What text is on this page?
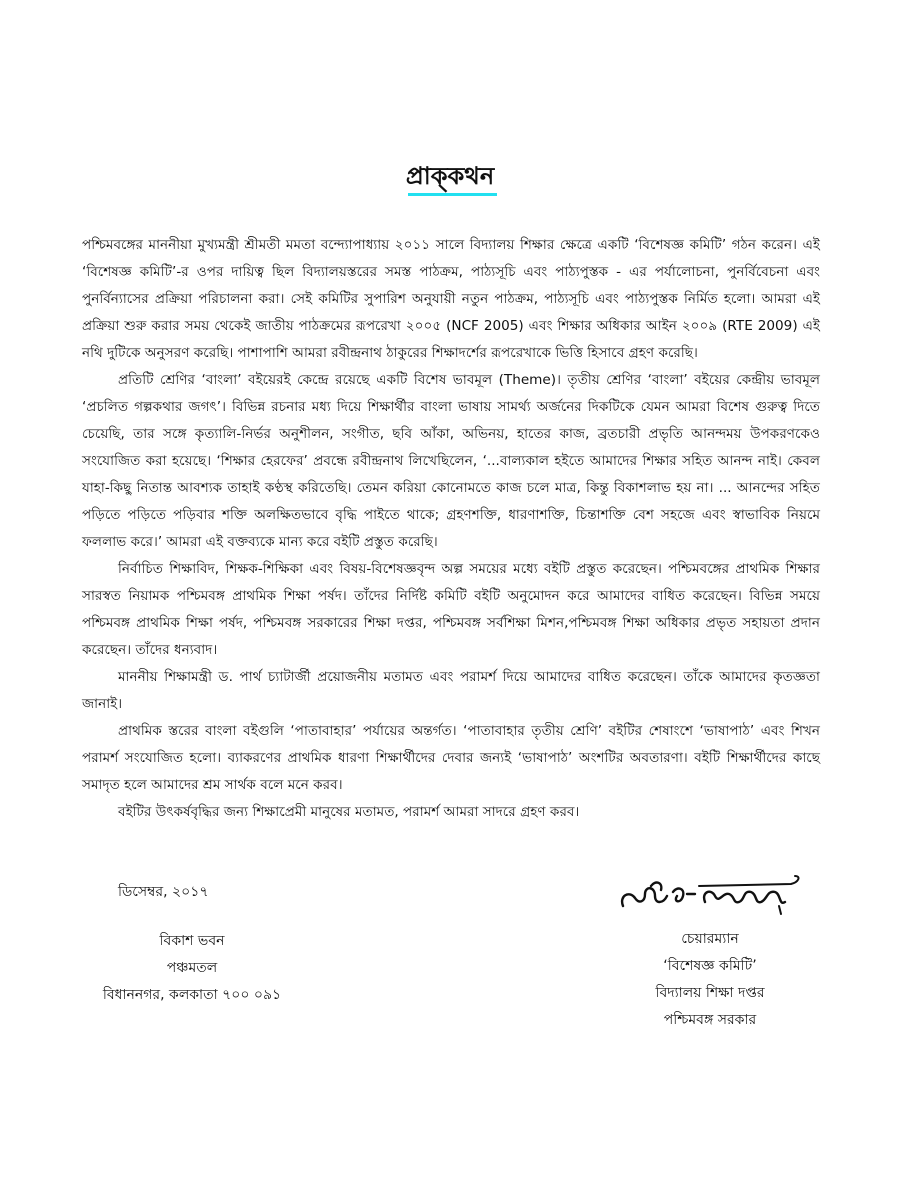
প্রাক্‌কথন

পশ্চিমবঙ্গের মাননীয়া মুখ্যমন্ত্রী শ্রীমতী মমতা বন্দ্যোপাধ্যায় ২০১১ সালে বিদ্যালয় শিক্ষার ক্ষেত্রে একটি ‘বিশেষজ্ঞ কমিটি’ গঠন করেন। এই ‘বিশেষজ্ঞ কমিটি’-র ওপর দায়িত্ব ছিল বিদ্যালয়স্তরের সমস্ত পাঠক্রম, পাঠ্যসূচি এবং পাঠ্যপুস্তক - এর পর্যালোচনা, পুনর্বিবেচনা এবং পুনর্বিন্যাসের প্রক্রিয়া পরিচালনা করা। সেই কমিটির সুপারিশ অনুযায়ী নতুন পাঠক্রম, পাঠ্যসূচি এবং পাঠ্যপুস্তক নির্মিত হলো। আমরা এই প্রক্রিয়া শুরু করার সময় থেকেই জাতীয় পাঠক্রমের রূপরেখা ২০০৫ (NCF 2005) এবং শিক্ষার অধিকার আইন ২০০৯ (RTE 2009) এই নথি দুটিকে অনুসরণ করেছি। পাশাপাশি আমরা রবীন্দ্রনাথ ঠাকুরের শিক্ষাদর্শের রূপরেখাকে ভিত্তি হিসাবে গ্রহণ করেছি।

প্রতিটি শ্রেণির ‘বাংলা’ বইয়েরই কেন্দ্রে রয়েছে একটি বিশেষ ভাবমূল (Theme)। তৃতীয় শ্রেণির ‘বাংলা’ বইয়ের কেন্দ্রীয় ভাবমূল ‘প্রচলিত গল্পকথার জগৎ’। বিভিন্ন রচনার মধ্য দিয়ে শিক্ষার্থীর বাংলা ভাষায় সামর্থ্য অর্জনের দিকটিকে যেমন আমরা বিশেষ গুরুত্ব দিতে চেয়েছি, তার সঙ্গে কৃত্যালি-নির্ভর অনুশীলন, সংগীত, ছবি আঁকা, অভিনয়, হাতের কাজ, ব্রতচারী প্রভৃতি আনন্দময় উপকরণকেও সংযোজিত করা হয়েছে। ‘শিক্ষার হেরফের’ প্রবন্ধে রবীন্দ্রনাথ লিখেছিলেন, ‘...বাল্যকাল হইতে আমাদের শিক্ষার সহিত আনন্দ নাই। কেবল যাহা-কিছু নিতান্ত আবশ্যক তাহাই কণ্ঠস্থ করিতেছি। তেমন করিয়া কোনোমতে কাজ চলে মাত্র, কিন্তু বিকাশলাভ হয় না। ... আনন্দের সহিত পড়িতে পড়িতে পড়িবার শক্তি অলক্ষিতভাবে বৃদ্ধি পাইতে থাকে; গ্রহণশক্তি, ধারণাশক্তি, চিন্তাশক্তি বেশ সহজে এবং স্বাভাবিক নিয়মে ফললাভ করে।’ আমরা এই বক্তব্যকে মান্য করে বইটি প্রস্তুত করেছি।

নির্বাচিত শিক্ষাবিদ, শিক্ষক-শিক্ষিকা এবং বিষয়-বিশেষজ্ঞবৃন্দ অল্প সময়ের মধ্যে বইটি প্রস্তুত করেছেন। পশ্চিমবঙ্গের প্রাথমিক শিক্ষার সারস্বত নিয়ামক পশ্চিমবঙ্গ প্রাথমিক শিক্ষা পর্ষদ। তাঁদের নির্দিষ্ট কমিটি বইটি অনুমোদন করে আমাদের বাধিত করেছেন। বিভিন্ন সময়ে পশ্চিমবঙ্গ প্রাথমিক শিক্ষা পর্ষদ, পশ্চিমবঙ্গ সরকারের শিক্ষা দপ্তর, পশ্চিমবঙ্গ সর্বশিক্ষা মিশন,পশ্চিমবঙ্গ শিক্ষা অধিকার প্রভৃত সহায়তা প্রদান করেছেন। তাঁদের ধন্যবাদ।

মাননীয় শিক্ষামন্ত্রী ড. পার্থ চ্যাটার্জী প্রয়োজনীয় মতামত এবং পরামর্শ দিয়ে আমাদের বাধিত করেছেন। তাঁকে আমাদের কৃতজ্ঞতা জানাই।

প্রাথমিক স্তরের বাংলা বইগুলি ‘পাতাবাহার’ পর্যায়ের অন্তর্গত। ‘পাতাবাহার তৃতীয় শ্রেণি’ বইটির শেষাংশে ‘ভাষাপাঠ’ এবং শিখন পরামর্শ সংযোজিত হলো। ব্যাকরণের প্রাথমিক ধারণা শিক্ষার্থীদের দেবার জন্যই ‘ভাষাপাঠ’ অংশটির অবতারণা। বইটি শিক্ষার্থীদের কাছে সমাদৃত হলে আমাদের শ্রম সার্থক বলে মনে করব।

বইটির উৎকর্ষবৃদ্ধির জন্য শিক্ষাপ্রেমী মানুষের মতামত, পরামর্শ আমরা সাদরে গ্রহণ করব।

ডিসেম্বর, ২০১৭
বিকাশ ভবন
পঞ্চমতল
বিধাননগর, কলকাতা ৭০০ ০৯১
চেয়ারম্যান
‘বিশেষজ্ঞ কমিটি’
বিদ্যালয় শিক্ষা দপ্তর
পশ্চিমবঙ্গ সরকার
